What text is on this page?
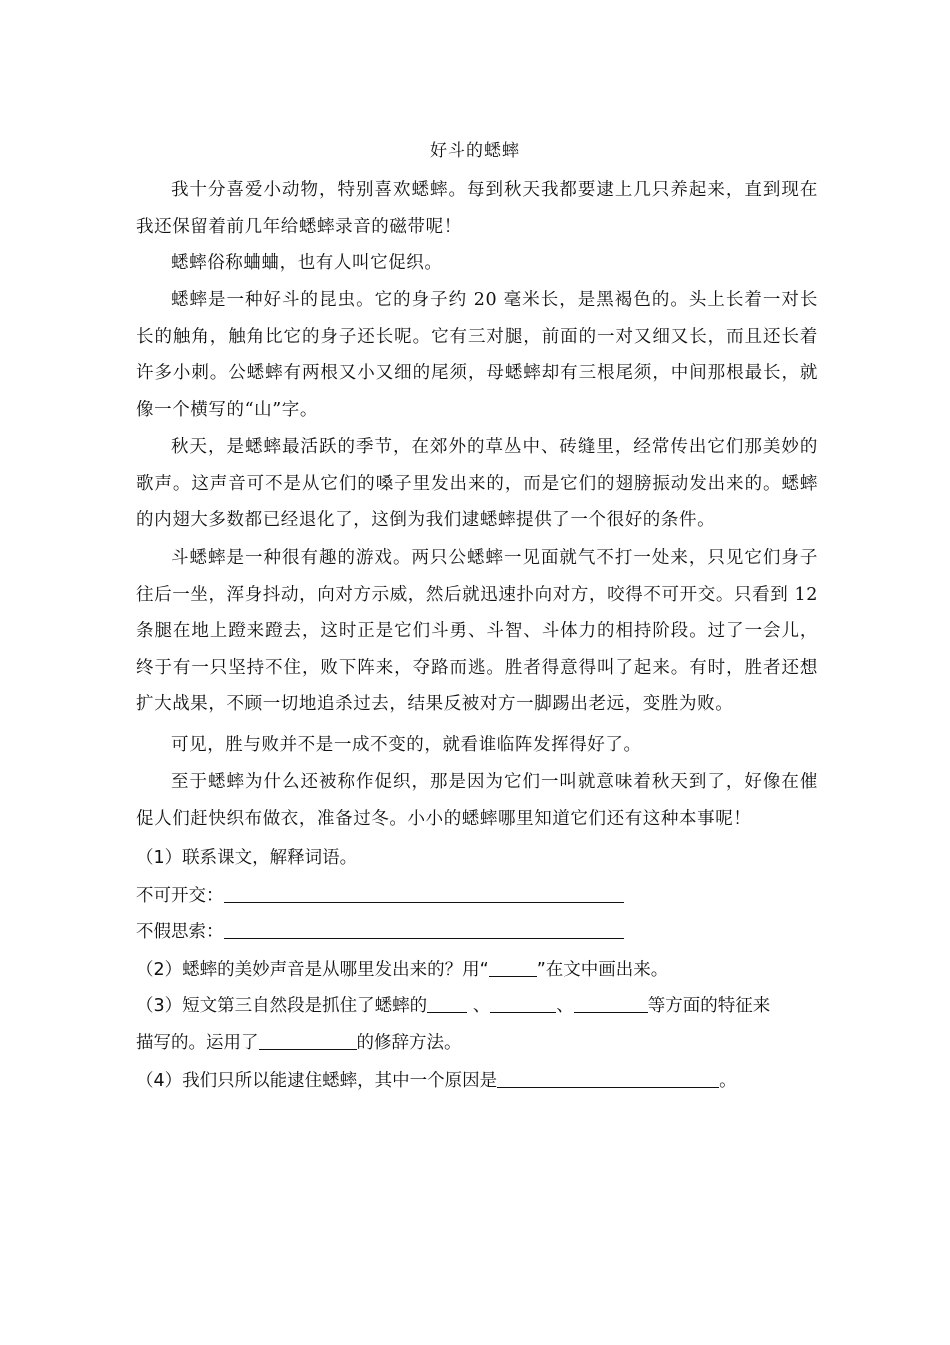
好斗的蟋蟀
我十分喜爱小动物，特别喜欢蟋蟀。每到秋天我都要逮上几只养起来，直到现在我还保留着前几年给蟋蟀录音的磁带呢！
蟋蟀俗称蛐蛐，也有人叫它促织。
蟋蟀是一种好斗的昆虫。它的身子约 20 毫米长，是黑褐色的。头上长着一对长长的触角，触角比它的身子还长呢。它有三对腿，前面的一对又细又长，而且还长着许多小刺。公蟋蟀有两根又小又细的尾须，母蟋蟀却有三根尾须，中间那根最长，就像一个横写的“山”字。
秋天，是蟋蟀最活跃的季节，在郊外的草丛中、砖缝里，经常传出它们那美妙的歌声。这声音可不是从它们的嗓子里发出来的，而是它们的翅膀振动发出来的。蟋蟀的内翅大多数都已经退化了，这倒为我们逮蟋蟀提供了一个很好的条件。
斗蟋蟀是一种很有趣的游戏。两只公蟋蟀一见面就气不打一处来，只见它们身子往后一坐，浑身抖动，向对方示威，然后就迅速扑向对方，咬得不可开交。只看到 12 条腿在地上蹬来蹬去，这时正是它们斗勇、斗智、斗体力的相持阶段。过了一会儿，终于有一只坚持不住，败下阵来，夺路而逃。胜者得意得叫了起来。有时，胜者还想扩大战果，不顾一切地追杀过去，结果反被对方一脚踢出老远，变胜为败。
可见，胜与败并不是一成不变的，就看谁临阵发挥得好了。
至于蟋蟀为什么还被称作促织，那是因为它们一叫就意味着秋天到了，好像在催促人们赶快织布做衣，准备过冬。小小的蟋蟀哪里知道它们还有这种本事呢！
（1）联系课文，解释词语。
不可开交：
不假思索：
（2）蟋蟀的美妙声音是从哪里发出来的？用“	”在文中画出来。
（3）短文第三自然段是抓住了蟋蟀的 、	、	等方面的特征来
描写的。运用了	的修辞方法。
（4）我们只所以能逮住蟋蟀，其中一个原因是	。
